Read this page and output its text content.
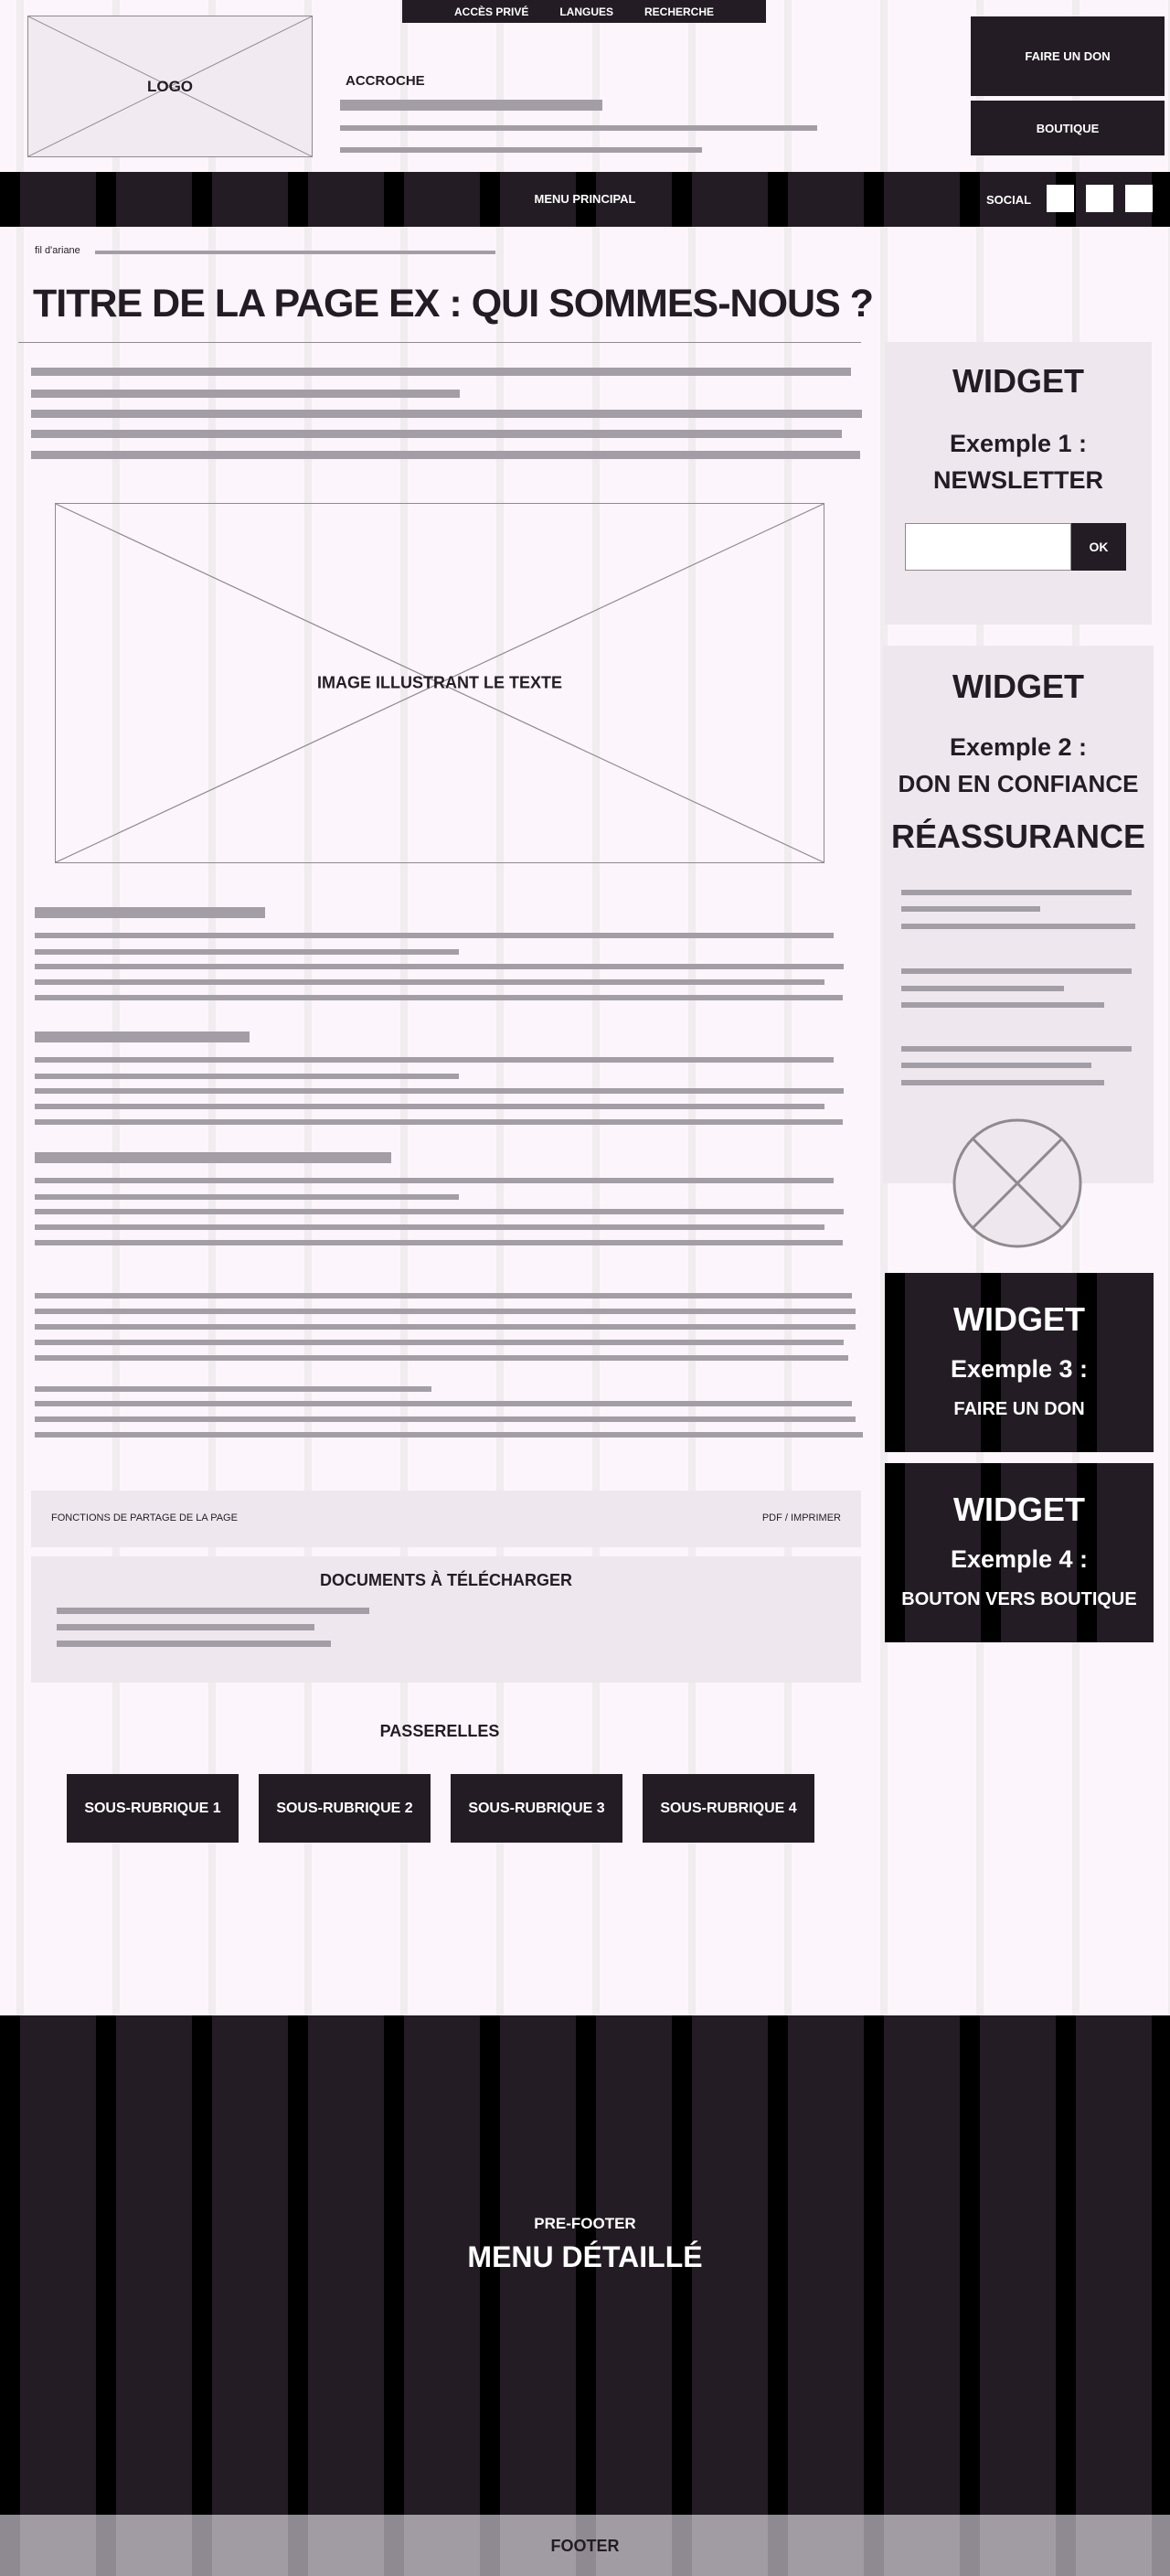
ACCÈS PRIVÉ	LANGUES	RECHERCHE
LOGO	ACCROCHE
FAIRE UN DON
BOUTIQUE
MENU PRINCIPAL	SOCIAL
fil d'ariane
TITRE DE LA PAGE EX : QUI SOMMES-NOUS ?
IMAGE ILLUSTRANT LE TEXTE
FONCTIONS DE PARTAGE DE LA PAGE	PDF / IMPRIMER
DOCUMENTS À TÉLÉCHARGER
PASSERELLES
SOUS-RUBRIQUE 1	SOUS-RUBRIQUE 2	SOUS-RUBRIQUE 3	SOUS-RUBRIQUE 4
WIDGET
Exemple 1 :
NEWSLETTER
OK
WIDGET
Exemple 2 :
DON EN CONFIANCE
RÉASSURANCE
WIDGET
Exemple 3 :
FAIRE UN DON
WIDGET
Exemple 4 :
BOUTON VERS BOUTIQUE
PRE-FOOTER
MENU DÉTAILLÉ
FOOTER
